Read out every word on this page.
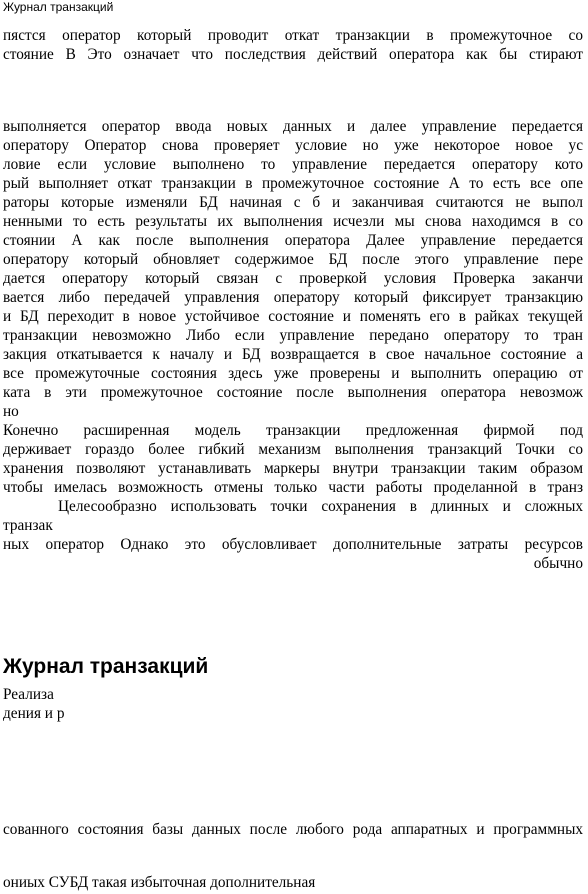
Журнал транзакций
пястся оператор который проводит откат транзакции в промежуточное со
стояние В Это означает что последствия действий оператора как бы стирают
выполняется оператор ввода новых данных и далее управление передается
оператору Оператор снова проверяет условие но уже некоторое новое ус
ловие если условие выполнено то управление передается оператору кото
рый выполняет откат транзакции в промежуточное состояние А то есть все опе
раторы которые изменяли БД начиная с б и заканчивая считаются не выпол
ненными то есть результаты их выполнения исчезли мы снова находимся в со
стоянии А как после выполнения оператора Далее управление передается
оператору который обновляет содержимое БД после этого управление пере
дается оператору который связан с проверкой условия Проверка заканчи
вается либо передачей управления оператору который фиксирует транзакцию
и БД переходит в новое устойчивое состояние и поменять его в райках текущей
транзакции невозможно Либо если управление передано оператору то тран
закция откатывается к началу и БД возвращается в свое начальное состояние а
все промежуточные состояния здесь уже проверены и выполнить операцию от
ката в эти промежуточное состояние после выполнения оператора невозмож
но
Конечно расширенная модель транзакции предложенная фирмой под
держивает гораздо более гибкий механизм выполнения транзакций Точки со
хранения позволяют устанавливать маркеры внутри транзакции таким образом
чтобы имелась возможность отмены только части работы проделанной в транз
Целесообразно использовать точки сохранения в длинных и сложных
транзак
ных оператор Однако это обусловливает дополнительные затраты ресурсов
обычно
Журнал транзакций
Реализа
дения и р
сованного состояния базы данных после любого рода аппаратных и программных
ониых СУБД такая избыточная дополнительная
